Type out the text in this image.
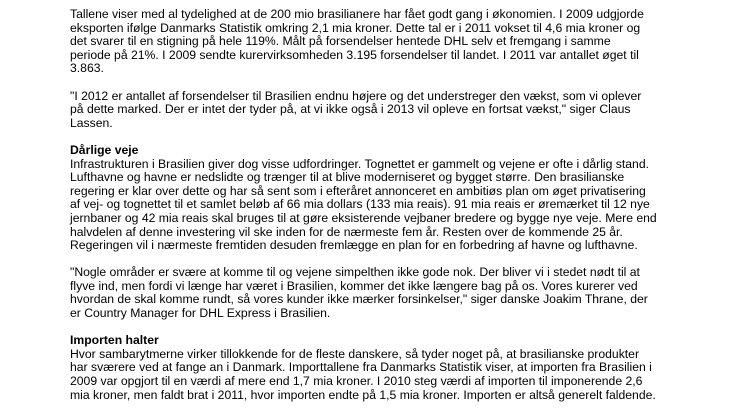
Tallene viser med al tydelighed at de 200 mio brasilianere har fået godt gang i økonomien. I 2009 udgjorde

eksporten ifølge Danmarks Statistik omkring 2,1 mia kroner. Dette tal er i 2011 vokset til 4,6 mia kroner og

det svarer til en stigning på hele 119%. Målt på forsendelser hentede DHL selv et fremgang i samme

periode på 21%. I 2009 sendte kurervirksomheden 3.195 forsendelser til landet. I 2011 var antallet øget til

3.863.

"I 2012 er antallet af forsendelser til Brasilien endnu højere og det understreger den vækst, som vi oplever

på dette marked. Der er intet der tyder på, at vi ikke også i 2013 vil opleve en fortsat vækst," siger Claus

Lassen.

Dårlige veje

Infrastrukturen i Brasilien giver dog visse udfordringer. Tognettet er gammelt og vejene er ofte i dårlig stand.

Lufthavne og havne er nedslidte og trænger til at blive moderniseret og bygget større. Den brasilianske

regering er klar over dette og har så sent som i efteråret annonceret en ambitiøs plan om øget privatisering

af vej- og tognettet til et samlet beløb af 66 mia dollars (133 mia reais). 91 mia reais er øremærket til 12 nye

jernbaner og 42 mia reais skal bruges til at gøre eksisterende vejbaner bredere og bygge nye veje. Mere end

halvdelen af denne investering vil ske inden for de nærmeste fem år. Resten over de kommende 25 år.

Regeringen vil i nærmeste fremtiden desuden fremlægge en plan for en forbedring af havne og lufthavne.

"Nogle områder er svære at komme til og vejene simpelthen ikke gode nok. Der bliver vi i stedet nødt til at

flyve ind, men fordi vi længe har været i Brasilien, kommer det ikke længere bag på os. Vores kurerer ved

hvordan de skal komme rundt, så vores kunder ikke mærker forsinkelser," siger danske Joakim Thrane, der

er Country Manager for DHL Express i Brasilien.

Importen halter

Hvor sambarytmerne virker tillokkende for de fleste danskere, så tyder noget på, at brasilianske produkter

har sværere ved at fange an i Danmark. Importtallene fra Danmarks Statistik viser, at importen fra Brasilien i

2009 var opgjort til en værdi af mere end 1,7 mia kroner. I 2010 steg værdi af importen til imponerende 2,6

mia kroner, men faldt brat i 2011, hvor importen endte på 1,5 mia kroner. Importen er altså generelt faldende.
